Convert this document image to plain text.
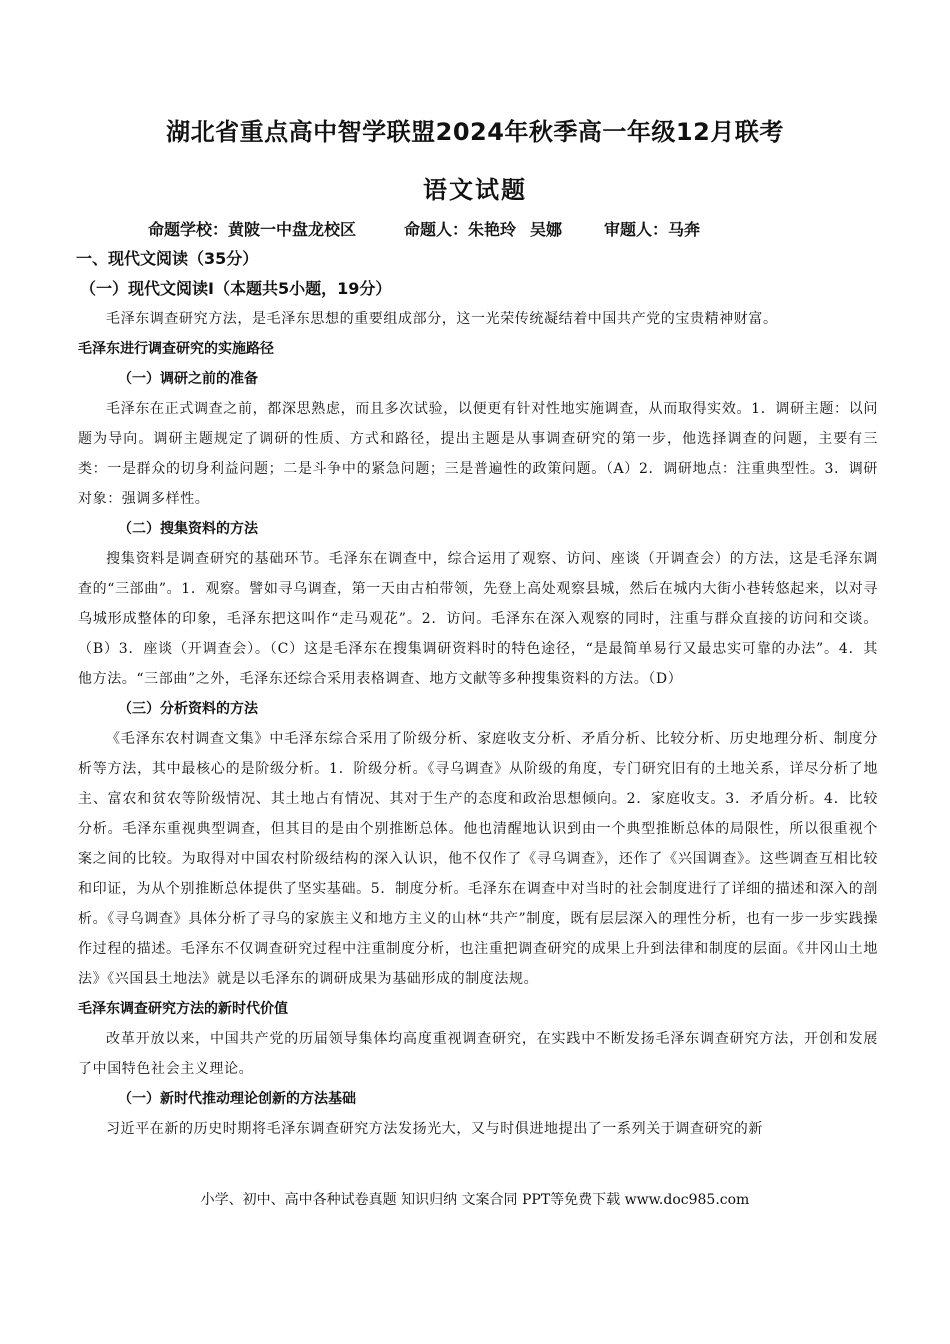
湖北省重点高中智学联盟2024年秋季高一年级12月联考
语文试题
命题学校：黄陂一中盘龙校区	命题人：朱艳玲 吴娜	审题人：马奔
一、现代文阅读（35分）
（一）现代文阅读Ⅰ（本题共5小题，19分）

毛泽东调查研究方法，是毛泽东思想的重要组成部分，这一光荣传统凝结着中国共产党的宝贵精神财富。

毛泽东进行调查研究的实施路径
（一）调研之前的准备

毛泽东在正式调查之前，都深思熟虑，而且多次试验，以便更有针对性地实施调查，从而取得实效。1．调研主题：以问题为导向。调研主题规定了调研的性质、方式和路径，提出主题是从事调查研究的第一步，他选择调查的问题，主要有三类：一是群众的切身利益问题；二是斗争中的紧急问题；三是普遍性的政策问题。（A）2．调研地点：注重典型性。3．调研对象：强调多样性。

（二）搜集资料的方法

搜集资料是调查研究的基础环节。毛泽东在调查中，综合运用了观察、访问、座谈（开调查会）的方法，这是毛泽东调查的“三部曲”。1．观察。譬如寻乌调查，第一天由古柏带领，先登上高处观察县城，然后在城内大街小巷转悠起来，以对寻乌城形成整体的印象，毛泽东把这叫作“走马观花”。2．访问。毛泽东在深入观察的同时，注重与群众直接的访问和交谈。（B）3．座谈（开调查会）。（C）这是毛泽东在搜集调研资料时的特色途径，“是最简单易行又最忠实可靠的办法”。4．其他方法。“三部曲”之外，毛泽东还综合采用表格调查、地方文献等多种搜集资料的方法。（D）

（三）分析资料的方法

《毛泽东农村调查文集》中毛泽东综合采用了阶级分析、家庭收支分析、矛盾分析、比较分析、历史地理分析、制度分析等方法，其中最核心的是阶级分析。1．阶级分析。《寻乌调查》从阶级的角度，专门研究旧有的土地关系，详尽分析了地主、富农和贫农等阶级情况、其土地占有情况、其对于生产的态度和政治思想倾向。2．家庭收支。3．矛盾分析。4．比较分析。毛泽东重视典型调查，但其目的是由个别推断总体。他也清醒地认识到由一个典型推断总体的局限性，所以很重视个案之间的比较。为取得对中国农村阶级结构的深入认识，他不仅作了《寻乌调查》，还作了《兴国调查》。这些调查互相比较和印证，为从个别推断总体提供了坚实基础。5．制度分析。毛泽东在调查中对当时的社会制度进行了详细的描述和深入的剖析。《寻乌调查》具体分析了寻乌的家族主义和地方主义的山林“共产”制度，既有层层深入的理性分析，也有一步一步实践操作过程的描述。毛泽东不仅调查研究过程中注重制度分析，也注重把调查研究的成果上升到法律和制度的层面。《井冈山土地法》《兴国县土地法》就是以毛泽东的调研成果为基础形成的制度法规。

毛泽东调查研究方法的新时代价值

改革开放以来，中国共产党的历届领导集体均高度重视调查研究，在实践中不断发扬毛泽东调查研究方法，开创和发展了中国特色社会主义理论。

（一）新时代推动理论创新的方法基础

习近平在新的历史时期将毛泽东调查研究方法发扬光大，又与时俱进地提出了一系列关于调查研究的新

小学、初中、高中各种试卷真题 知识归纳 文案合同 PPT等免费下载 www.doc985.com
